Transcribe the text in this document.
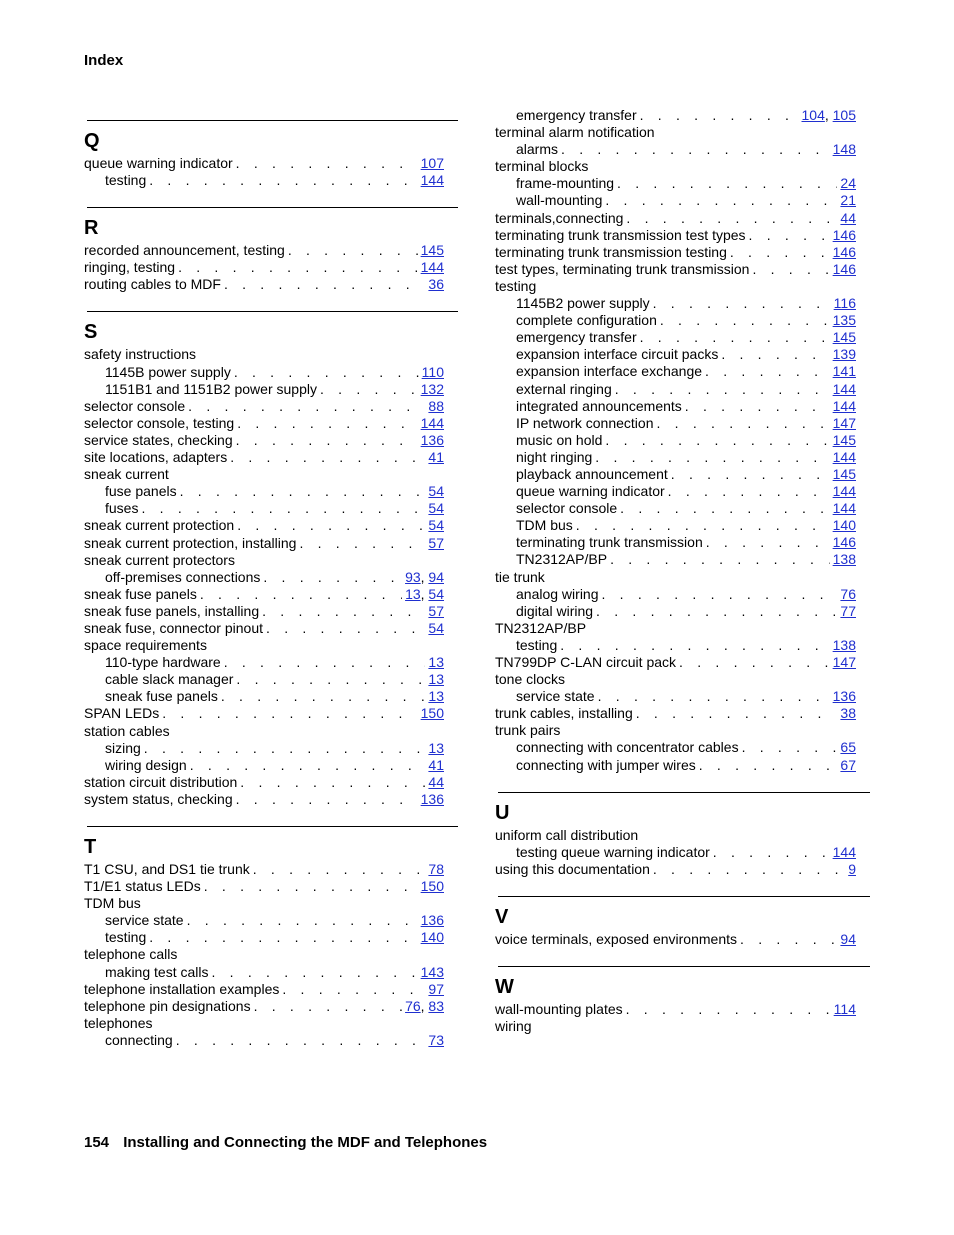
Index
Q
queue warning indicator . . .	107
testing . . .	144
R
recorded announcement, testing . . .	145
ringing, testing . . .	144
routing cables to MDF . . .	36
S
safety instructions
1145B power supply . . .	110
1151B1 and 1151B2 power supply . . .	132
selector console . . .	88
selector console, testing . . .	144
service states, checking . . .	136
site locations, adapters . . .	41
sneak current
fuse panels . . .	54
fuses . . .	54
sneak current protection . . .	54
sneak current protection, installing . . .	57
sneak current protectors
off-premises connections . . .	93, 94
sneak fuse panels . . .	13, 54
sneak fuse panels, installing . . .	57
sneak fuse, connector pinout . . .	54
space requirements
110-type hardware . . .	13
cable slack manager . . .	13
sneak fuse panels . . .	13
SPAN LEDs . . .	150
station cables
sizing . . .	13
wiring design . . .	41
station circuit distribution . . .	44
system status, checking . . .	136
T
T1 CSU, and DS1 tie trunk . . .	78
T1/E1 status LEDs . . .	150
TDM bus
service state . . .	136
testing . . .	140
telephone calls
making test calls . . .	143
telephone installation examples . . .	97
telephone pin designations . . .	76, 83
telephones
connecting . . .	73
emergency transfer . . .	104, 105
terminal alarm notification
alarms . . .	148
terminal blocks
frame-mounting . . .	24
wall-mounting . . .	21
terminals,connecting . . .	44
terminating trunk transmission test types . . .	146
terminating trunk transmission testing . . .	146
test types, terminating trunk transmission . . .	146
testing
1145B2 power supply . . .	116
complete configuration . . .	135
emergency transfer . . .	145
expansion interface circuit packs . . .	139
expansion interface exchange . . .	141
external ringing . . .	144
integrated announcements . . .	144
IP network connection . . .	147
music on hold . . .	145
night ringing . . .	144
playback announcement . . .	145
queue warning indicator . . .	144
selector console . . .	144
TDM bus . . .	140
terminating trunk transmission . . .	146
TN2312AP/BP . . .	138
tie trunk
analog wiring . . .	76
digital wiring . . .	77
TN2312AP/BP
testing . . .	138
TN799DP C-LAN circuit pack . . .	147
tone clocks
service state . . .	136
trunk cables, installing . . .	38
trunk pairs
connecting with concentrator cables . . .	65
connecting with jumper wires . . .	67
U
uniform call distribution
testing queue warning indicator . . .	144
using this documentation . . .	9
V
voice terminals, exposed environments . . .	94
W
wall-mounting plates . . .	114
wiring
154 Installing and Connecting the MDF and Telephones
